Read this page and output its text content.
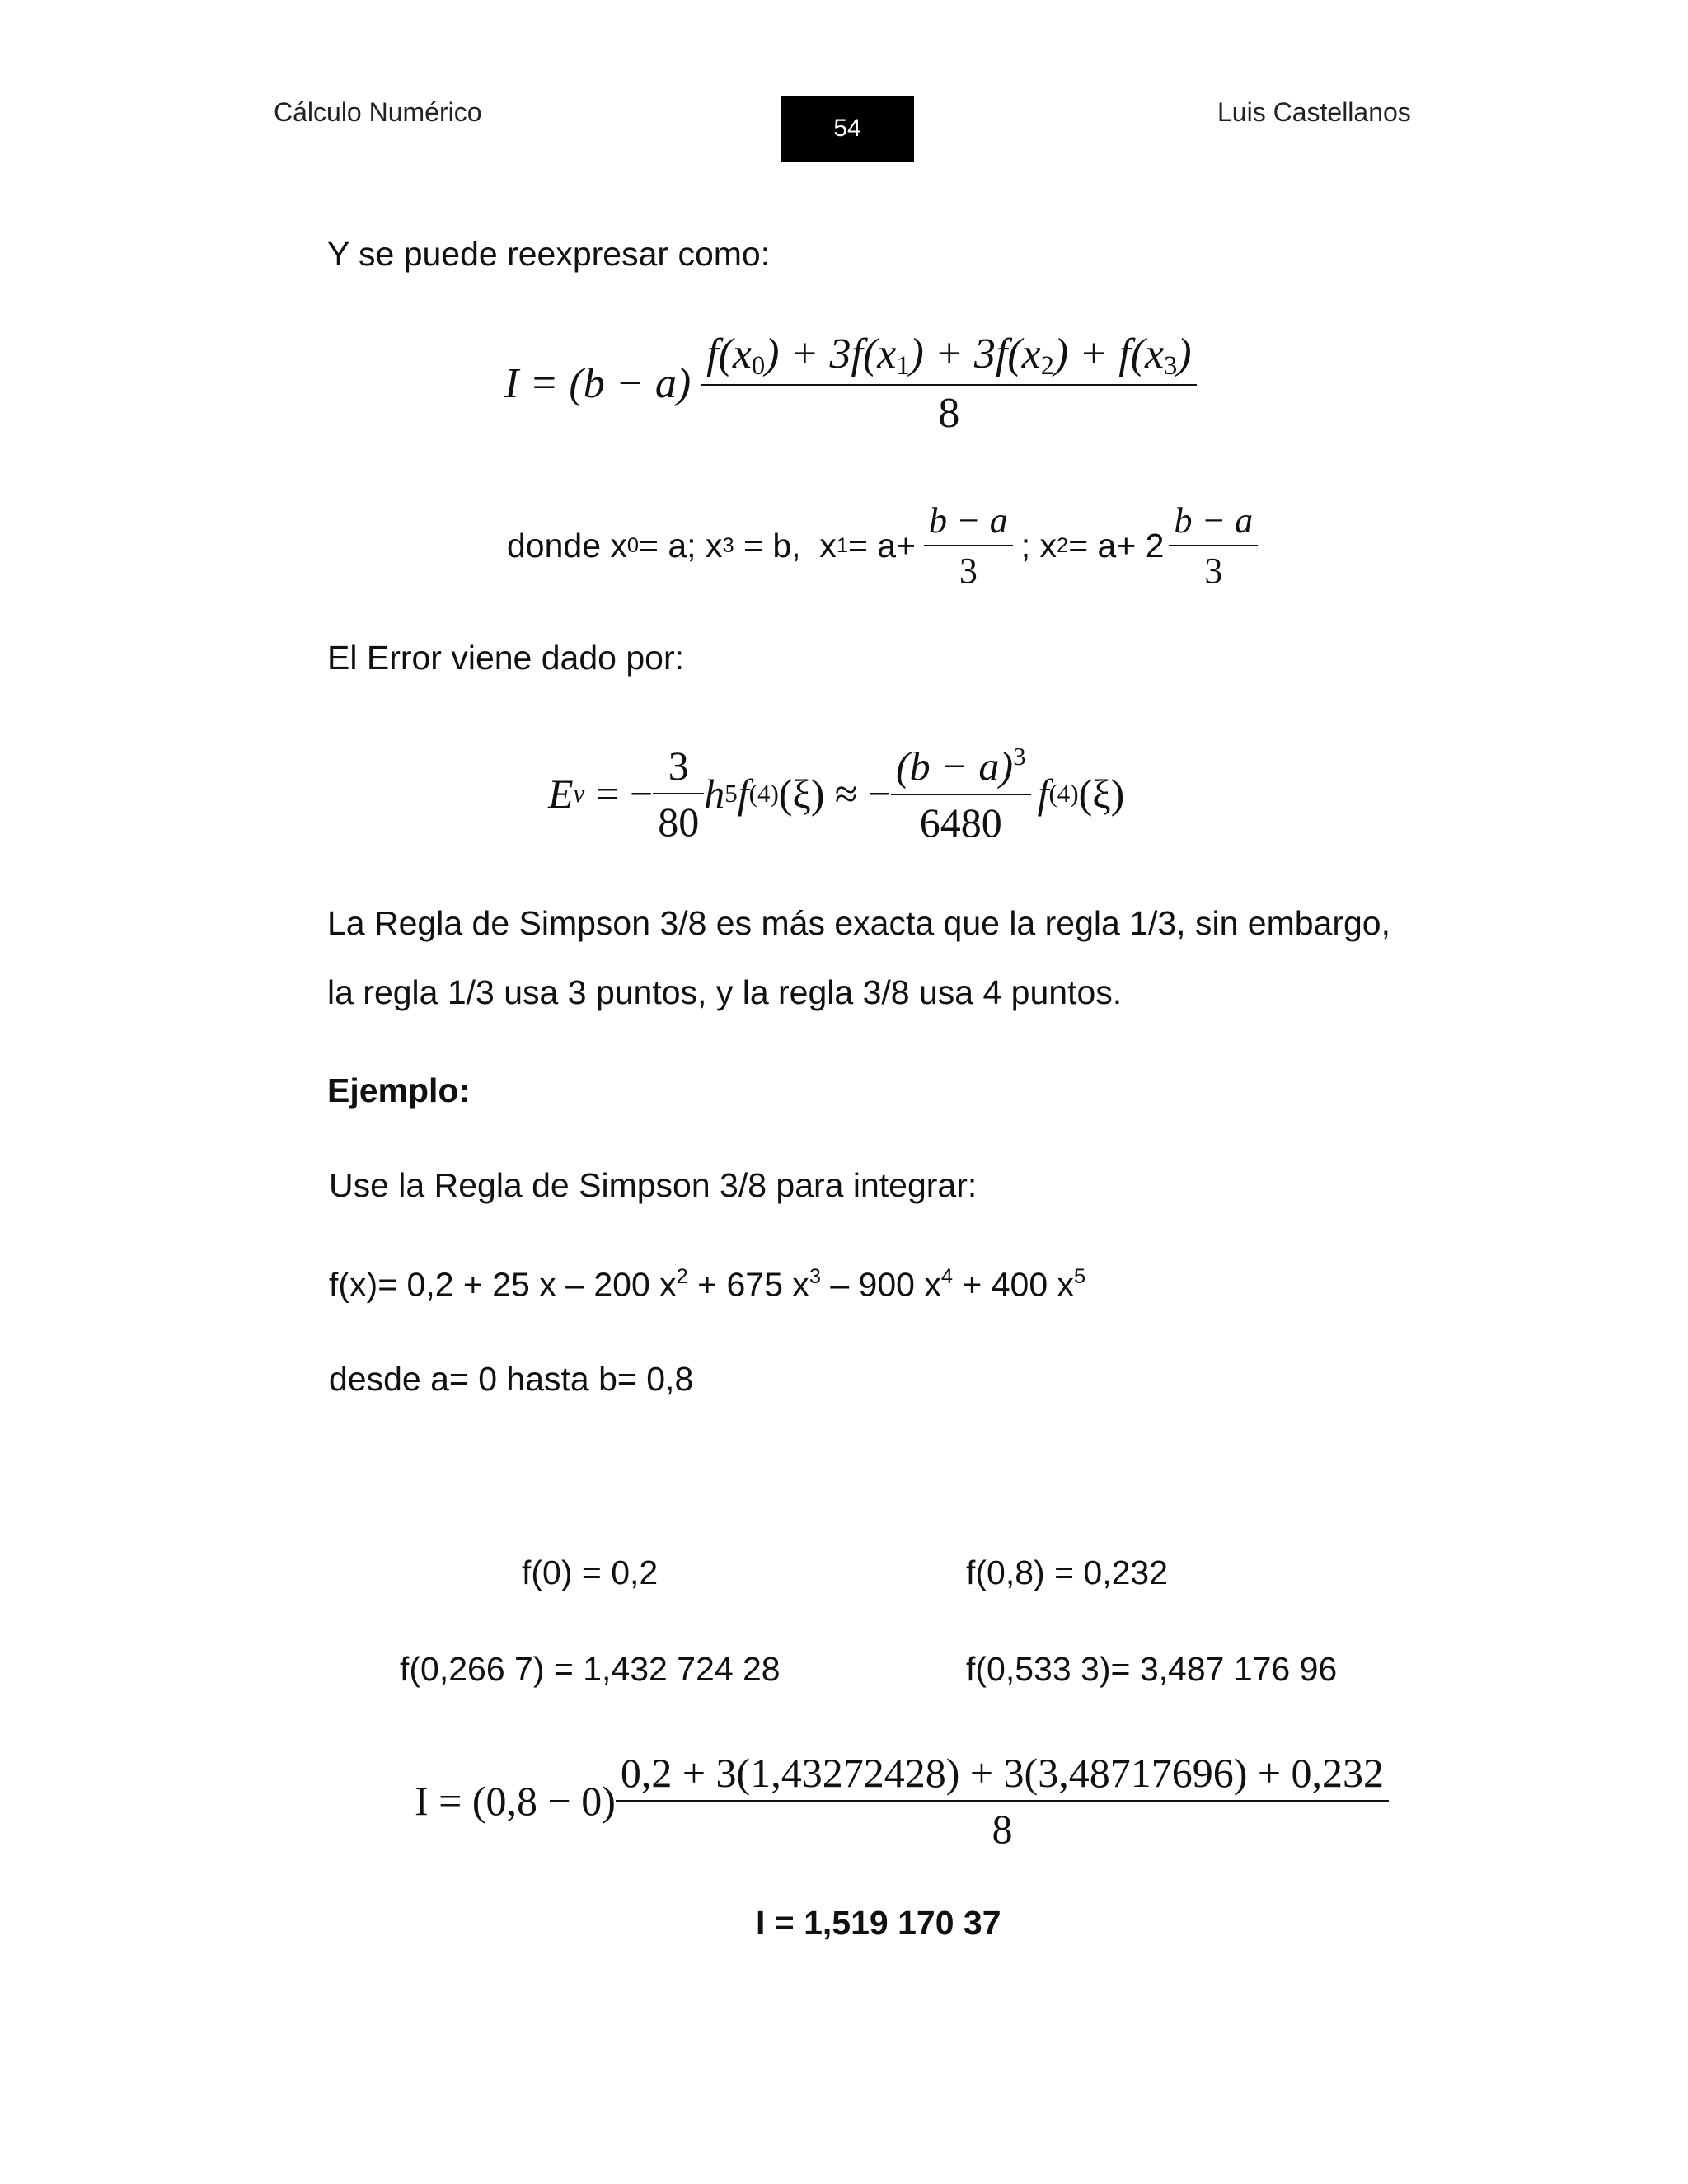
Cálculo Numérico
54
Luis Castellanos
Y se puede reexpresar como:
$I = (b - a) \frac{f(x_0) + 3f(x_1) + 3f(x_2) + f(x_3)}{8}$
donde x 0 = a; x 3 = b,  x $1 = a+ \frac{b - a}{3}$ ; x $2 = a+ 2 \frac{b - a}{3}$
El Error viene dado por:
E v = − $\frac{3}{80}$ h 5 f (4) (ξ) ≈ − $\frac{(b - a)^3}{6480}$ f (4) (ξ)
La Regla de Simpson 3/8 es más exacta que la regla 1/3, sin embargo,
la regla 1/3 usa 3 puntos, y la regla 3/8 usa 4 puntos.
Ejemplo:
Use la Regla de Simpson 3/8 para integrar:
f(x)= 0,2 + 25 x – 200 $x^2 + 675$ $x^3 - 900$ $x^4 + 400$ $x^5$
desde a= 0 hasta b= 0,8
f(0) = 0,2	f(0,8) = 0,232
f(0,266 7) = 1,432 724 28	f(0,533 3)= 3,487 176 96
$I = (0,8 - 0) \frac{0,2 + 3(1,43272428) + 3(3,48717696) + 0,232}{8}$
I = 1,519 170 37
